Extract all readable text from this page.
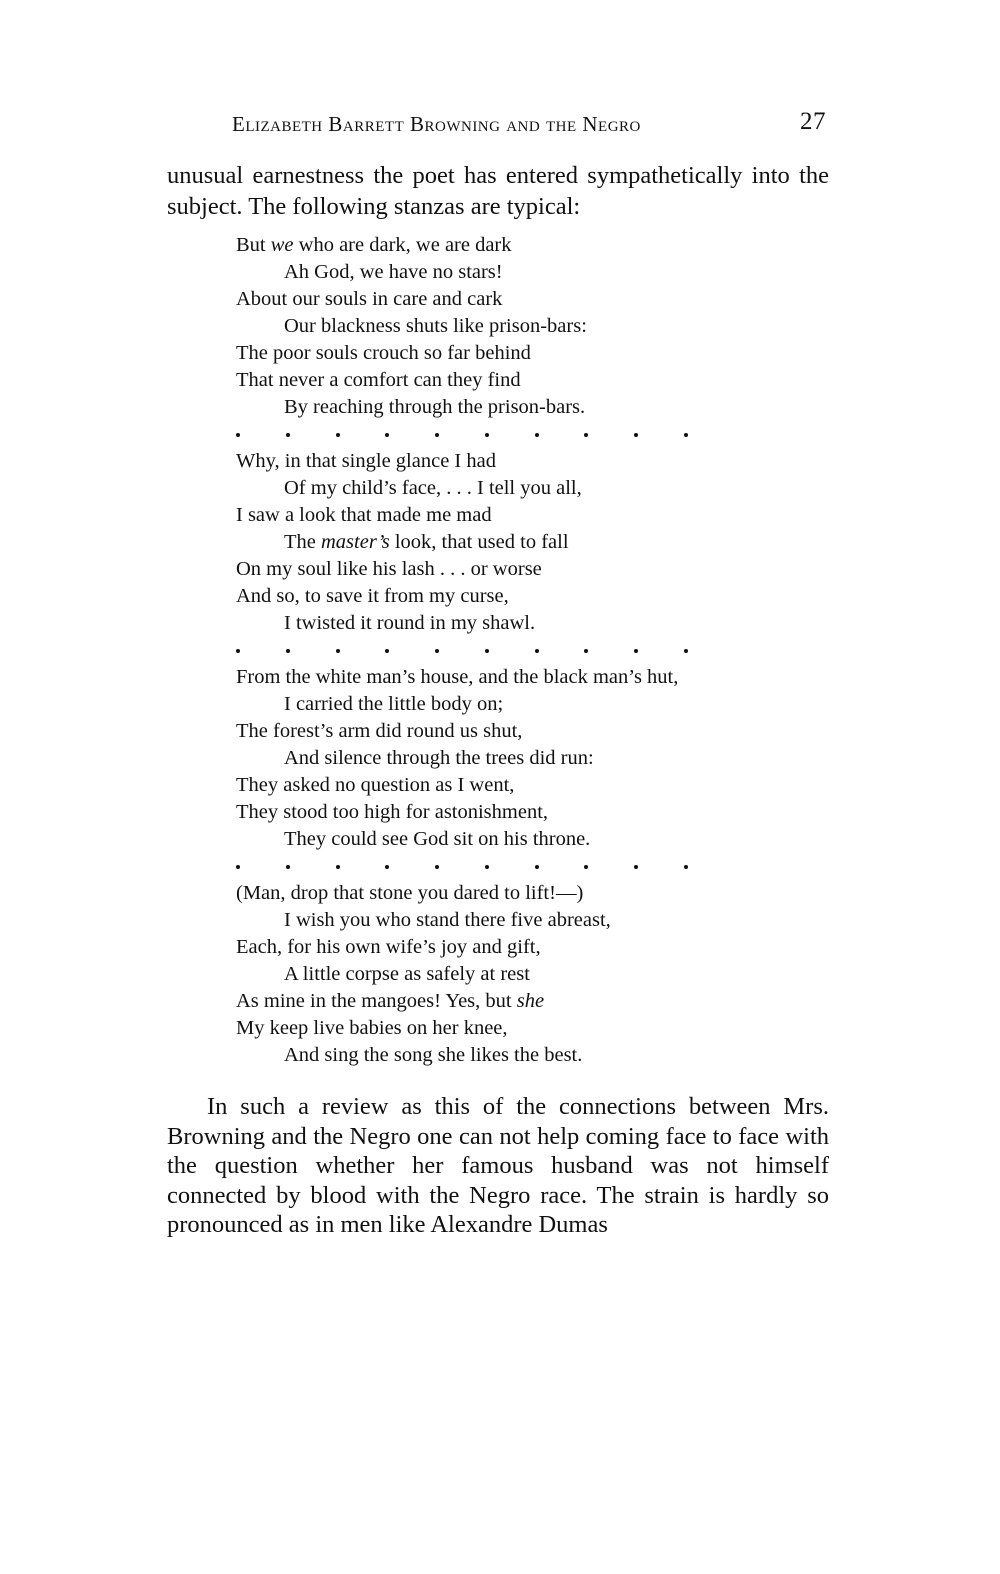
Elizabeth Barrett Browning and the Negro	27

unusual earnestness the poet has entered sympathetically into the subject. The following stanzas are typical:

But we who are dark, we are dark
Ah God, we have no stars!
About our souls in care and cark
Our blackness shuts like prison-bars:
The poor souls crouch so far behind
That never a comfort can they find
By reaching through the prison-bars.
Why, in that single glance I had
Of my child’s face, . . . I tell you all,
I saw a look that made me mad
The master’s look, that used to fall
On my soul like his lash . . . or worse
And so, to save it from my curse,
I twisted it round in my shawl.
From the white man’s house, and the black man’s hut,
I carried the little body on;
The forest’s arm did round us shut,
And silence through the trees did run:
They asked no question as I went,
They stood too high for astonishment,
They could see God sit on his throne.
(Man, drop that stone you dared to lift!—)
I wish you who stand there five abreast,
Each, for his own wife’s joy and gift,
A little corpse as safely at rest
As mine in the mangoes! Yes, but she
My keep live babies on her knee,
And sing the song she likes the best.

In such a review as this of the connections between Mrs. Browning and the Negro one can not help coming face to face with the question whether her famous husband was not himself connected by blood with the Negro race. The strain is hardly so pronounced as in men like Alexandre Dumas
